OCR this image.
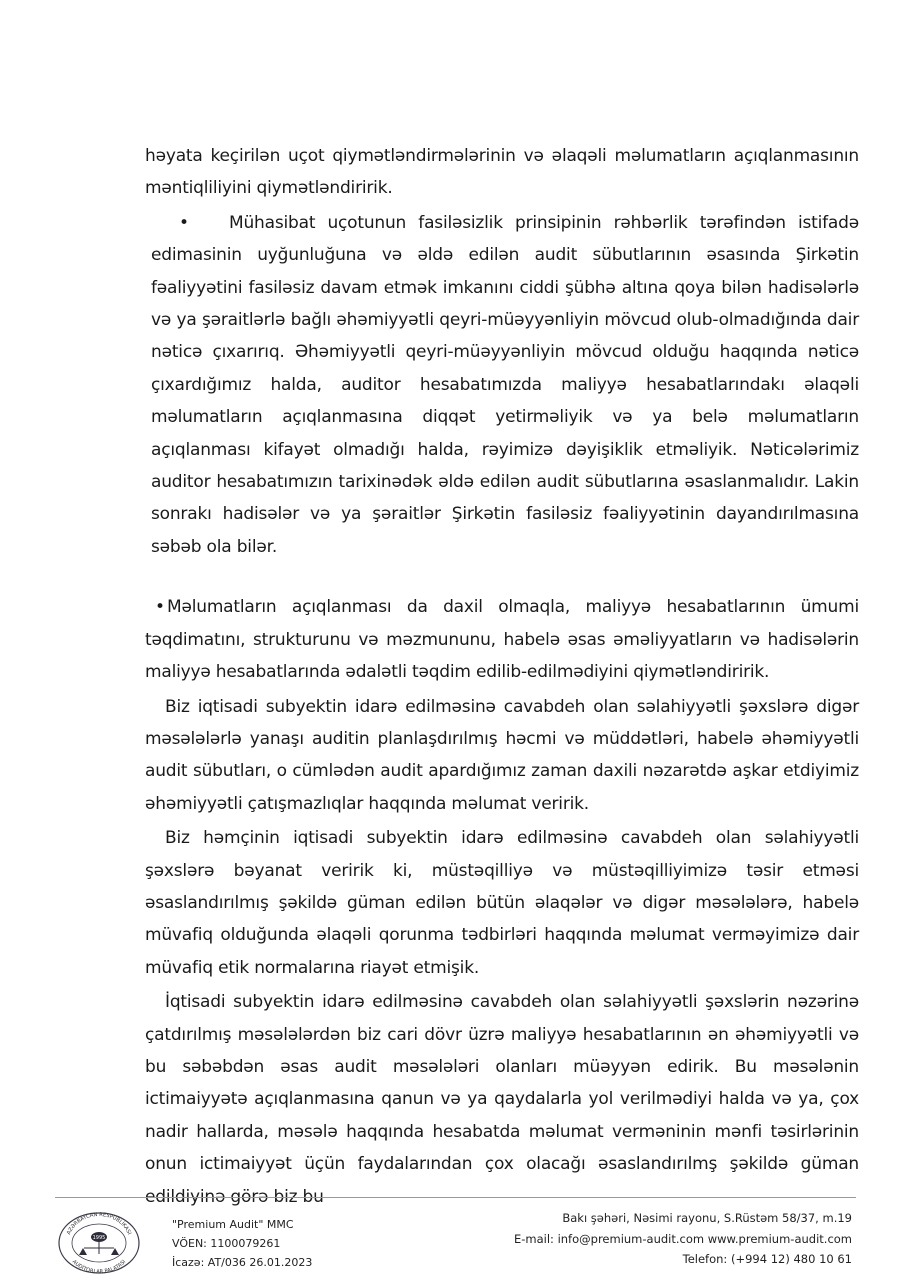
həyata keçirilən uçot qiymətləndirmələrinin və əlaqəli məlumatların açıqlanmasının məntiqliliyini qiymətləndiririk.

• Mühasibat uçotunun fasiləsizlik prinsipinin rəhbərlik tərəfindən istifadə edimasinin uyğunluğuna və əldə edilən audit sübutlarının əsasında Şirkətin fəaliyyətini fasiləsiz davam etmək imkanını ciddi şübhə altına qoya bilən hadisələrlə və ya şəraitlərlə bağlı əhəmiyyətli qeyri-müəyyənliyin mövcud olub-olmadığında dair nəticə çıxarırıq. Əhəmiyyətli qeyri-müəyyənliyin mövcud olduğu haqqında nəticə çıxardığımız halda, auditor hesabatımızda maliyyə hesabatlarındakı əlaqəli məlumatların açıqlanmasına diqqət yetirməliyik və ya belə məlumatların açıqlanması kifayət olmadığı halda, rəyimizə dəyişiklik etməliyik. Nəticələrimiz auditor hesabatımızın tarixinədək əldə edilən audit sübutlarına əsaslanmalıdır. Lakin sonrakı hadisələr və ya şəraitlər Şirkətin fasiləsiz fəaliyyətinin dayandırılmasına səbəb ola bilər.

• Məlumatların açıqlanması da daxil olmaqla, maliyyə hesabatlarının ümumi təqdimatını, strukturunu və məzmununu, habelə əsas əməliyyatların və hadisələrin maliyyə hesabatlarında ədalətli təqdim edilib-edilmədiyini qiymətləndiririk.

Biz iqtisadi subyektin idarə edilməsinə cavabdeh olan səlahiyyətli şəxslərə digər məsələlərlə yanaşı auditin planlaşdırılmış həcmi və müddətləri, habelə əhəmiyyətli audit sübutları, o cümlədən audit apardığımız zaman daxili nəzarətdə aşkar etdiyimiz əhəmiyyətli çatışmazlıqlar haqqında məlumat veririk.

Biz həmçinin iqtisadi subyektin idarə edilməsinə cavabdeh olan səlahiyyətli şəxslərə bəyanat veririk ki, müstəqilliyə və müstəqilliyimizə təsir etməsi əsaslandırılmış şəkildə güman edilən bütün əlaqələr və digər məsələlərə, habelə müvafiq olduğunda əlaqəli qorunma tədbirləri haqqında məlumat verməyimizə dair müvafiq etik normalarına riayət etmişik.

İqtisadi subyektin idarə edilməsinə cavabdeh olan səlahiyyətli şəxslərin nəzərinə çatdırılmış məsələlərdən biz cari dövr üzrə maliyyə hesabatlarının ən əhəmiyyətli və bu səbəbdən əsas audit məsələləri olanları müəyyən edirik. Bu məsələnin ictimaiyyətə açıqlanmasına qanun və ya qaydalarla yol verilmədiyi halda və ya, çox nadir hallarda, məsələ haqqında hesabatda məlumat verməninin mənfi təsirlərinin onun ictimaiyyət üçün faydalarından çox olacağı əsaslandırılmş şəkildə güman edildiyinə görə biz bu

AZƏRBAYCAN RESPUBLİKASI
AUDİTORLAR PALATASI
1995
"Premium Audit" MMC
VÖEN: 1100079261
İcazə: AT/036 26.01.2023
Bakı şəhəri, Nəsimi rayonu, S.Rüstəm 58/37, m.19
E-mail: info@premium-audit.com www.premium-audit.com
Telefon: (+994 12) 480 10 61
